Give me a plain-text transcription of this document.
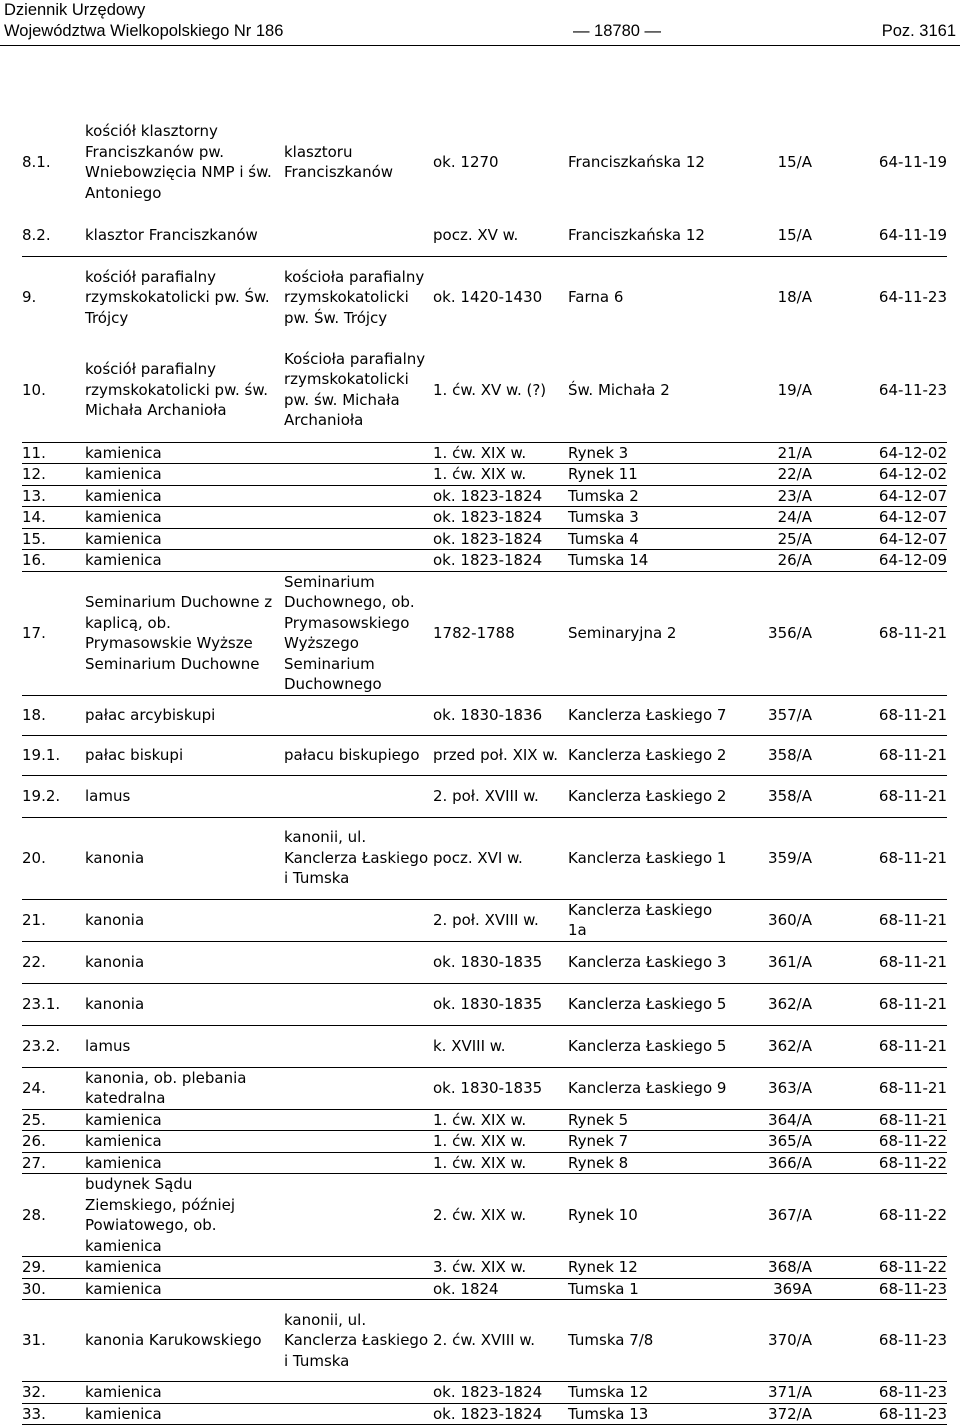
Dziennik Urzędowy
Województwa Wielkopolskiego Nr 186	— 18780 —	Poz. 3161
8.1.	kościół klasztorny Franciszkanów pw. Wniebowzięcia NMP i św. Antoniego	klasztoru Franciszkanów	ok. 1270	Franciszkańska 12	15/A	64-11-19
8.2.	klasztor Franciszkanów		pocz. XV w.	Franciszkańska 12	15/A	64-11-19
9.	kościół parafialny rzymskokatolicki pw. Św. Trójcy	kościoła parafialny rzymskokatolicki pw. Św. Trójcy	ok. 1420-1430	Farna 6	18/A	64-11-23
10.	kościół parafialny rzymskokatolicki pw. św. Michała Archanioła	Kościoła parafialny rzymskokatolicki pw. św. Michała Archanioła	1. ćw. XV w. (?)	Św. Michała 2	19/A	64-11-23
11.	kamienica		1. ćw. XIX w.	Rynek 3	21/A	64-12-02
12.	kamienica		1. ćw. XIX w.	Rynek 11	22/A	64-12-02
13.	kamienica		ok. 1823-1824	Tumska 2	23/A	64-12-07
14.	kamienica		ok. 1823-1824	Tumska 3	24/A	64-12-07
15.	kamienica		ok. 1823-1824	Tumska 4	25/A	64-12-07
16.	kamienica		ok. 1823-1824	Tumska 14	26/A	64-12-09
17.	Seminarium Duchowne z kaplicą, ob. Prymasowskie Wyższe Seminarium Duchowne	Seminarium Duchownego, ob. Prymasowskiego Wyższego Seminarium Duchownego	1782-1788	Seminaryjna 2	356/A	68-11-21
18.	pałac arcybiskupi		ok. 1830-1836	Kanclerza Łaskiego 7	357/A	68-11-21
19.1.	pałac biskupi	pałacu biskupiego	przed poł. XIX w.	Kanclerza Łaskiego 2	358/A	68-11-21
19.2.	lamus		2. poł. XVIII w.	Kanclerza Łaskiego 2	358/A	68-11-21
20.	kanonia	kanonii, ul. Kanclerza Łaskiego i Tumska	pocz. XVI w.	Kanclerza Łaskiego 1	359/A	68-11-21
21.	kanonia		2. poł. XVIII w.	Kanclerza Łaskiego 1a	360/A	68-11-21
22.	kanonia		ok. 1830-1835	Kanclerza Łaskiego 3	361/A	68-11-21
23.1.	kanonia		ok. 1830-1835	Kanclerza Łaskiego 5	362/A	68-11-21
23.2.	lamus		k. XVIII w.	Kanclerza Łaskiego 5	362/A	68-11-21
24.	kanonia, ob. plebania katedralna		ok. 1830-1835	Kanclerza Łaskiego 9	363/A	68-11-21
25.	kamienica		1. ćw. XIX w.	Rynek 5	364/A	68-11-21
26.	kamienica		1. ćw. XIX w.	Rynek 7	365/A	68-11-22
27.	kamienica		1. ćw. XIX w.	Rynek 8	366/A	68-11-22
28.	budynek Sądu Ziemskiego, później Powiatowego, ob. kamienica		2. ćw. XIX w.	Rynek 10	367/A	68-11-22
29.	kamienica		3. ćw. XIX w.	Rynek 12	368/A	68-11-22
30.	kamienica		ok. 1824	Tumska 1	369A	68-11-23
31.	kanonia Karukowskiego	kanonii, ul. Kanclerza Łaskiego i Tumska	2. ćw. XVIII w.	Tumska 7/8	370/A	68-11-23
32.	kamienica		ok. 1823-1824	Tumska 12	371/A	68-11-23
33.	kamienica		ok. 1823-1824	Tumska 13	372/A	68-11-23
